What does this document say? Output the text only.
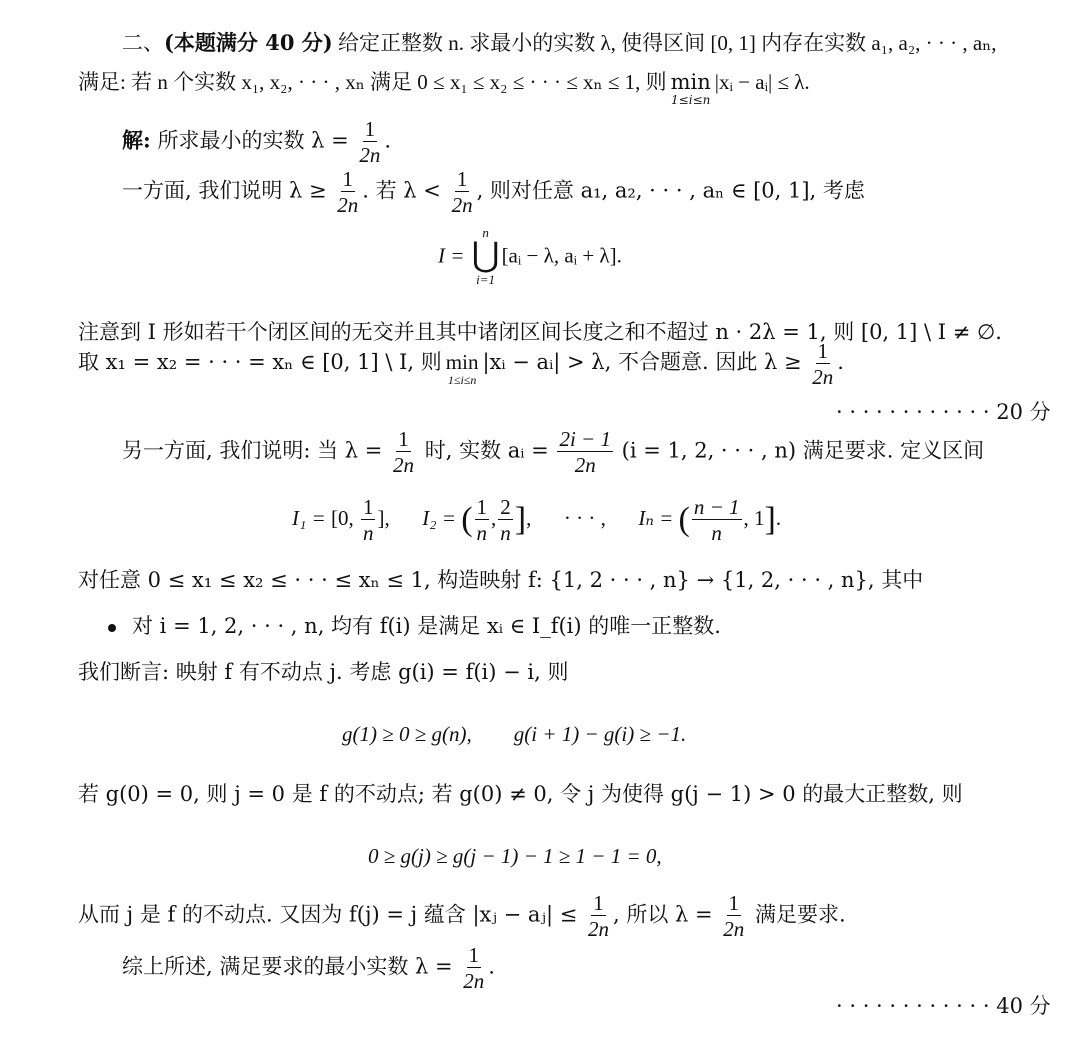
二、(本题满分 40 分) 给定正整数 n. 求最小的实数 λ, 使得区间 [0, 1] 内存在实数 a₁, a₂, · · · , aₙ,
满足: 若 n 个实数 x₁, x₂, · · · , xₙ 满足 0 ≤ x₁ ≤ x₂ ≤ · · · ≤ xₙ ≤ 1, 则 min
1≤i≤n
|xᵢ − aᵢ| ≤ λ.
解: 所求最小的实数 $\lambda = \frac{1}{2n}$ .
一方面, 我们说明 $\lambda \ge \frac{1}{2n}$ . 若 $\lambda < \frac{1}{2n}$ , 则对任意 a₁, a₂, · · · , aₙ ∈ [0, 1], 考虑
I =
n
⋃
i=1
[aᵢ − λ, aᵢ + λ].
注意到 I 形如若干个闭区间的无交并且其中诸闭区间长度之和不超过 n · 2λ = 1, 则 [0, 1] \ I ≠ ∅.
取 x₁ = x₂ = · · · = xₙ ∈ [0, 1] \ I, 则 min
1≤i≤n
|xᵢ − aᵢ| > λ, 不合题意. 因此 $\lambda \ge \frac{1}{2n}$ .
· · · · · · · · · · · · 20 分
另一方面, 我们说明: 当 $\lambda = \frac{1}{2n}$ 时, 实数 aᵢ = $\frac{2i - 1}{2n} (i = 1$, 2, · · · , n) 满足要求. 定义区间
I₁ = [0, $\frac{1}{n}$ ], I₂ = ( $\frac{1}{n}$ , $\frac{2}{n}$ ],  · · · , Iₙ = ( $\frac{n - 1}{n}$ , 1].
对任意 0 ≤ x₁ ≤ x₂ ≤ · · · ≤ xₙ ≤ 1, 构造映射 f: {1, 2 · · · , n} → {1, 2, · · · , n}, 其中
对 i = 1, 2, · · · , n, 均有 f(i) 是满足 xᵢ ∈ I_f(i) 的唯一正整数.
我们断言: 映射 f 有不动点 j. 考虑 g(i) = f(i) − i, 则
g(1) ≥ 0 ≥ g(n),        g(i + 1) − g(i) ≥ −1.
若 g(0) = 0, 则 j = 0 是 f 的不动点; 若 g(0) ≠ 0, 令 j 为使得 g(j − 1) > 0 的最大正整数, 则
0 ≥ g(j) ≥ g(j − 1) − 1 ≥ 1 − 1 = 0,
从而 j 是 f 的不动点. 又因为 f(j) = j 蕴含 |xⱼ − aⱼ| ≤ $\frac{1}{2n}$ , 所以 $\lambda = \frac{1}{2n}$ 满足要求.
综上所述, 满足要求的最小实数 $\lambda = \frac{1}{2n}$ .
· · · · · · · · · · · · 40 分
